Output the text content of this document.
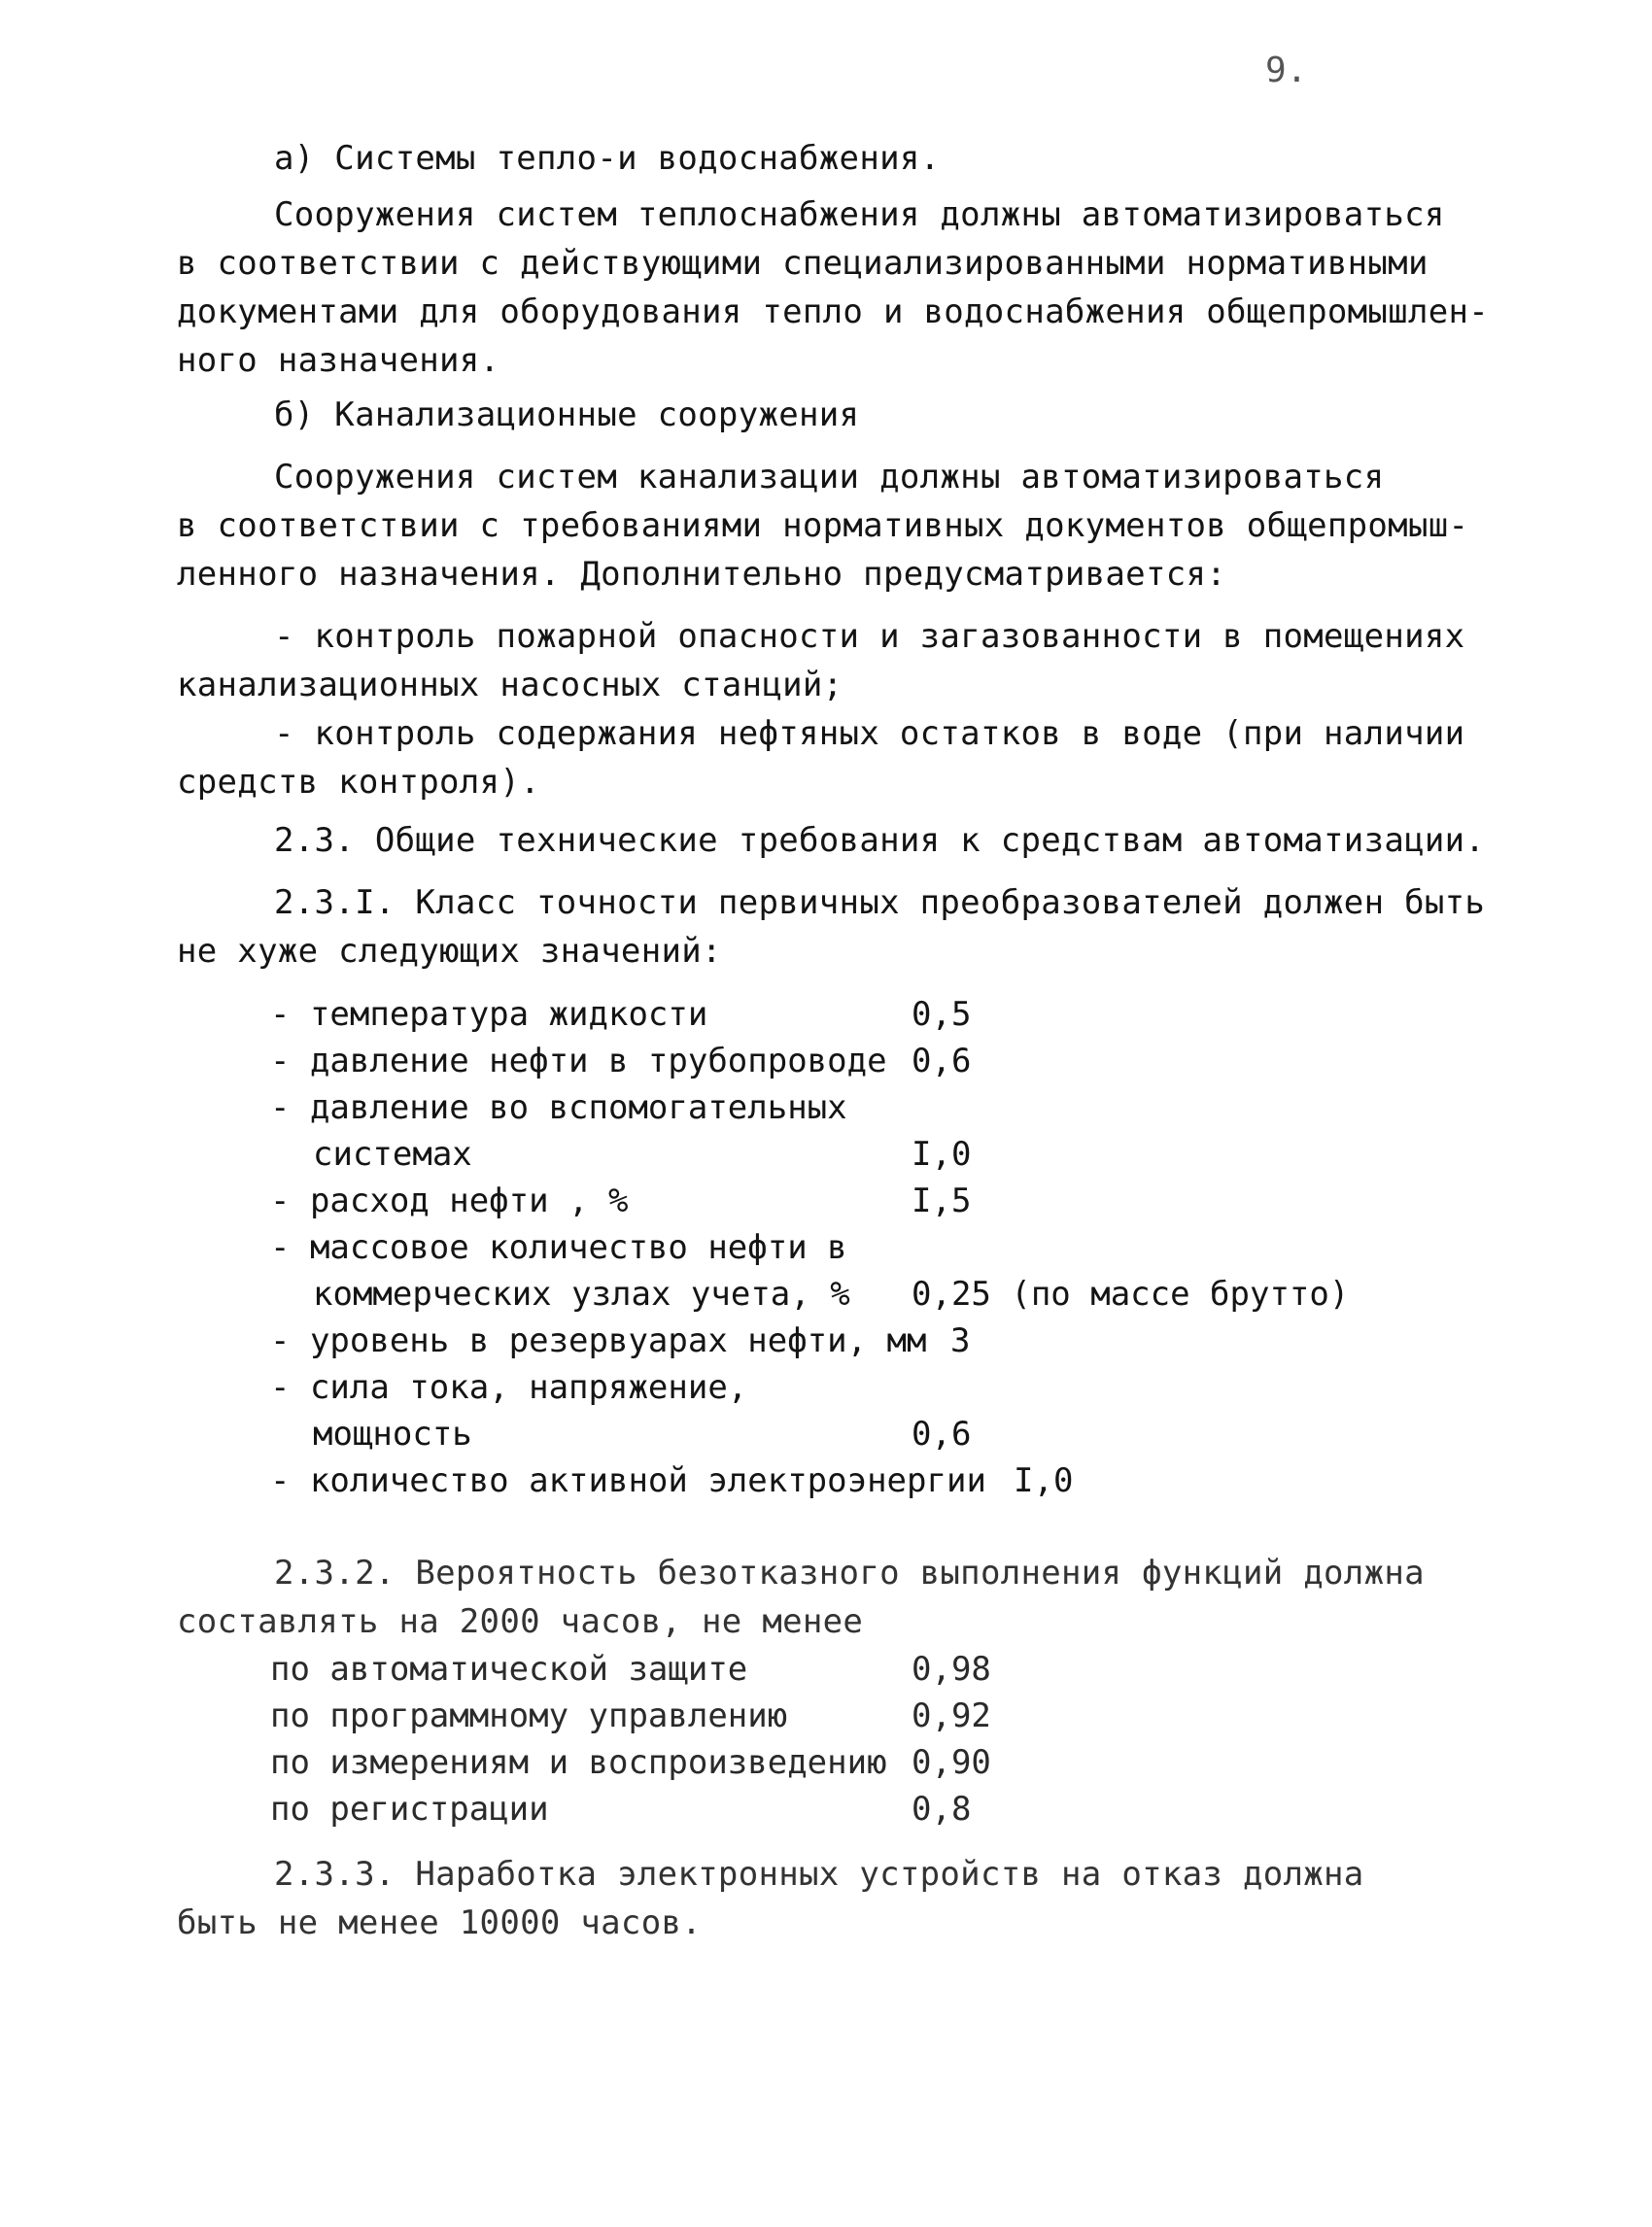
9.
а) Системы тепло-и водоснабжения.
Сооружения систем теплоснабжения должны автоматизироваться
в соответствии с действующими специализированными нормативными
документами для оборудования тепло и водоснабжения общепромышлен-
ного назначения.
б) Канализационные сооружения
Сооружения систем канализации должны автоматизироваться
в соответствии с требованиями нормативных документов общепромыш-
ленного назначения. Дополнительно предусматривается:
- контроль пожарной опасности и загазованности в помещениях
канализационных насосных станций;
- контроль содержания нефтяных остатков в воде (при наличии
средств контроля).
2.3. Общие технические требования к средствам автоматизации.
2.3.I. Класс точности первичных преобразователей должен быть
не хуже следующих значений:
- температура жидкости	0,5
- давление нефти в трубопроводе 0,6
- давление во вспомогательных
системах	I,0
- расход нефти , %	I,5
- массовое количество нефти в
коммерческих узлах учета, % 0,25 (по массе брутто)
- уровень в резервуарах нефти, мм 3
- сила тока, напряжение,
мощность	0,6
- количество активной электроэнергии I,0
2.3.2. Вероятность безотказного выполнения функций должна
составлять на 2000 часов, не менее
по автоматической защите	0,98
по программному управлению	0,92
по измерениям и воспроизведению 0,90
по регистрации	0,8
2.3.3. Наработка электронных устройств на отказ должна
быть не менее 10000 часов.
